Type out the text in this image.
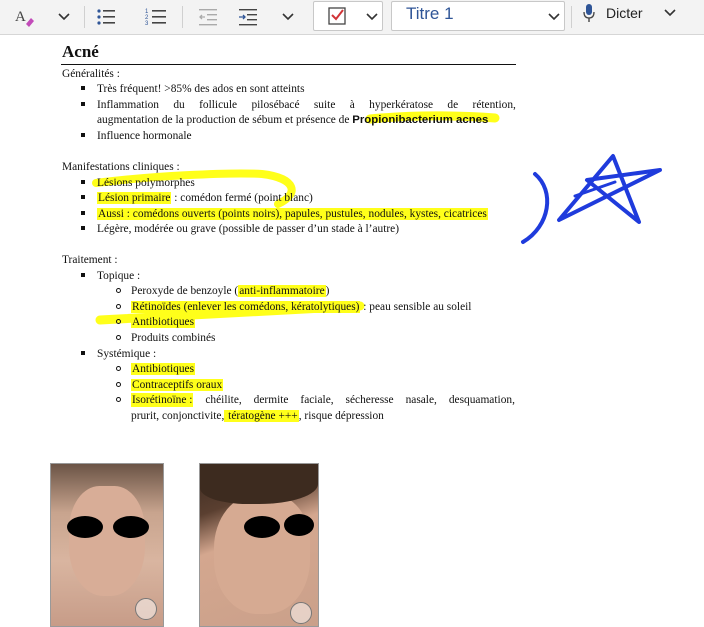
A	1
2
3
Titre 1	Dicter
Acné
Généralités :
Très fréquent! >85% des ados en sont atteints
Inflammation du follicule pilosébacé suite à hyperkératose de rétention,
augmentation de la production de sébum et présence de Propionibacterium acnes
Influence hormonale
Manifestations cliniques :
Lésions polymorphes
Lésion primaire : comédon fermé (point blanc)
Aussi : comédons ouverts (points noirs), papules, pustules, nodules, kystes, cicatrices
Légère, modérée ou grave (possible de passer d’un stade à l’autre)
Traitement :
Topique :
Peroxyde de benzoyle (anti-inflammatoire)
Rétinoïdes (enlever les comédons, kératolytiques) : peau sensible au soleil
Antibiotiques
Produits combinés
Systémique :
Antibiotiques
Contraceptifs oraux
Isorétinoïne : chéilite, dermite faciale, sécheresse nasale, desquamation,
prurit, conjonctivite, tératogène +++, risque dépression
